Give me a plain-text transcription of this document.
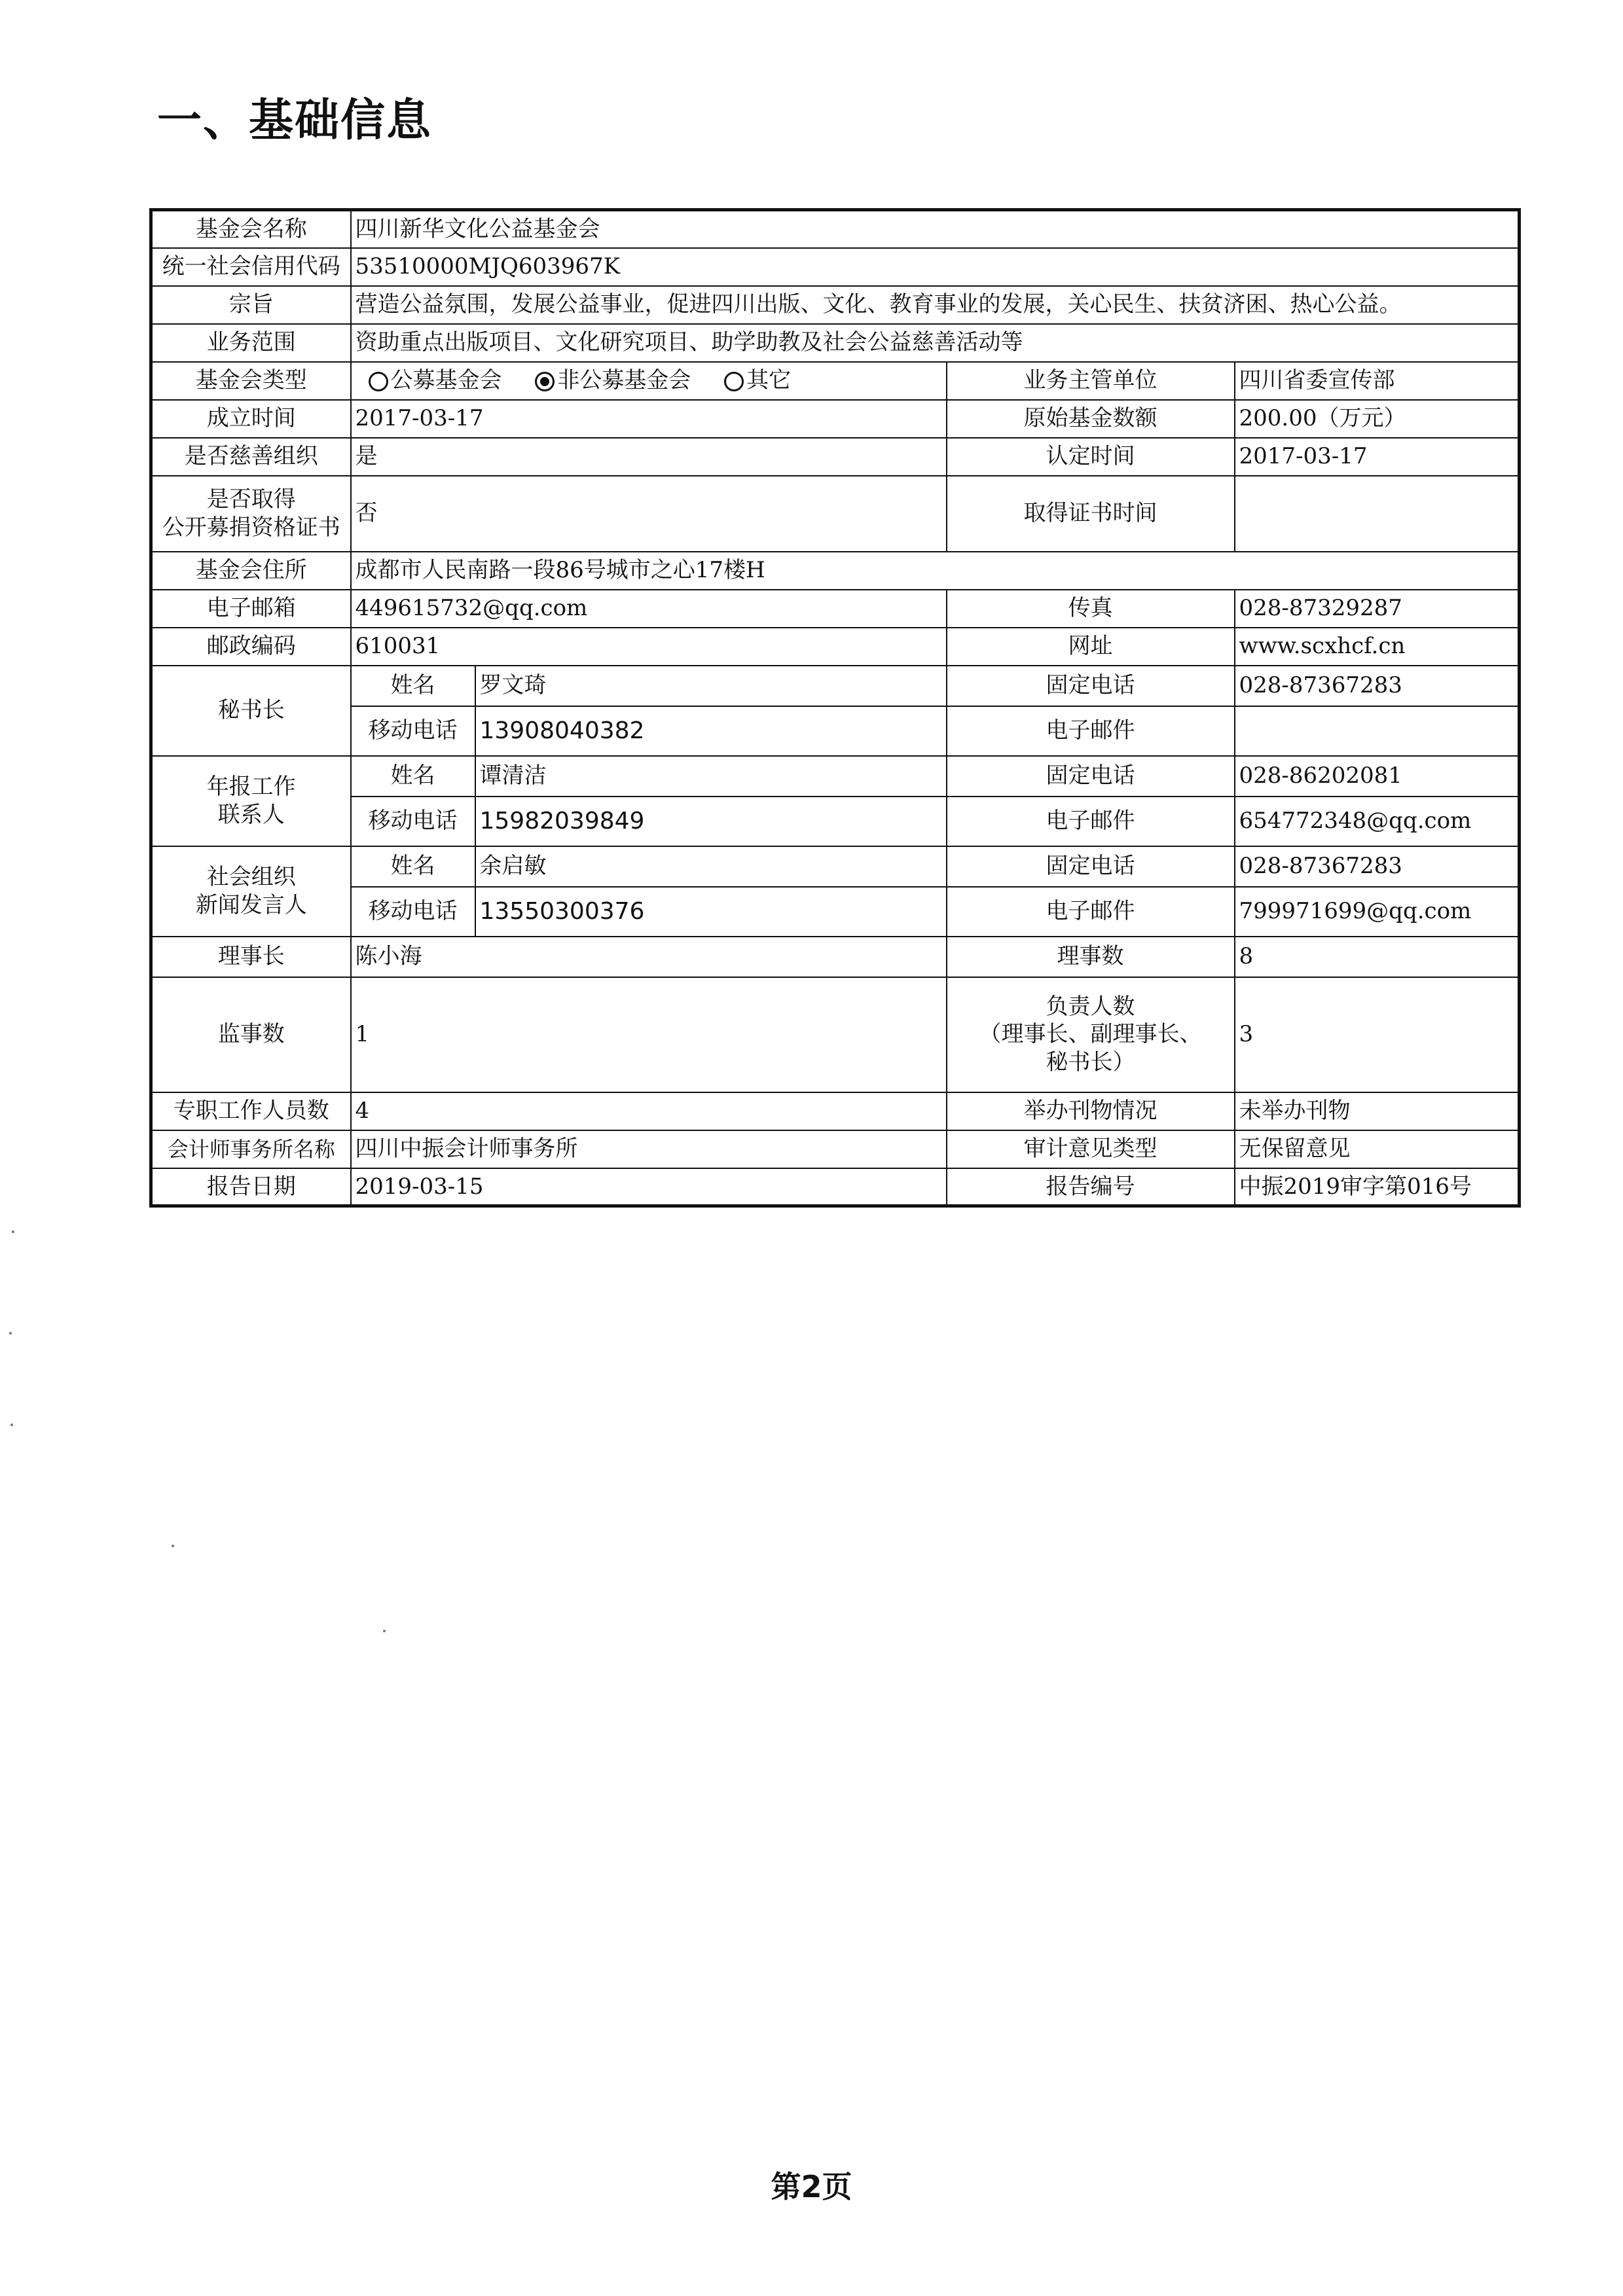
一、基础信息
基金会名称	四川新华文化公益基金会			
统一社会信用代码	53510000MJQ603967K			
宗旨	营造公益氛围，发展公益事业，促进四川出版、文化、教育事业的发展，关心民生、扶贫济困、热心公益。			
业务范围	资助重点出版项目、文化研究项目、助学助教及社会公益慈善活动等			
基金会类型	公募基金会 非公募基金会 其它		业务主管单位	四川省委宣传部
成立时间	2017-03-17		原始基金数额	200.00（万元）
是否慈善组织	是		认定时间	2017-03-17

是否取得
公开募捐资格证书	否		取得证书时间	
基金会住所	成都市人民南路一段86号城市之心17楼H			
电子邮箱	449615732@qq.com		传真	028-87329287
邮政编码	610031		网址	www.scxhcf.cn
秘书长	姓名	罗文琦	固定电话	028-87367283
	移动电话	13908040382	电子邮件	

年报工作
联系人	姓名	谭清洁	固定电话	028-86202081
	移动电话	15982039849	电子邮件	654772348@qq.com

社会组织
新闻发言人	姓名	余启敏	固定电话	028-87367283
	移动电话	13550300376	电子邮件	799971699@qq.com
理事长	陈小海		理事数	8
监事数	1		负责人数
（理事长、副理事长、
秘书长）	3
专职工作人员数	4		举办刊物情况	未举办刊物
会计师事务所名称	四川中振会计师事务所		审计意见类型	无保留意见
报告日期	2019-03-15		报告编号	中振2019审字第016号
第2页
